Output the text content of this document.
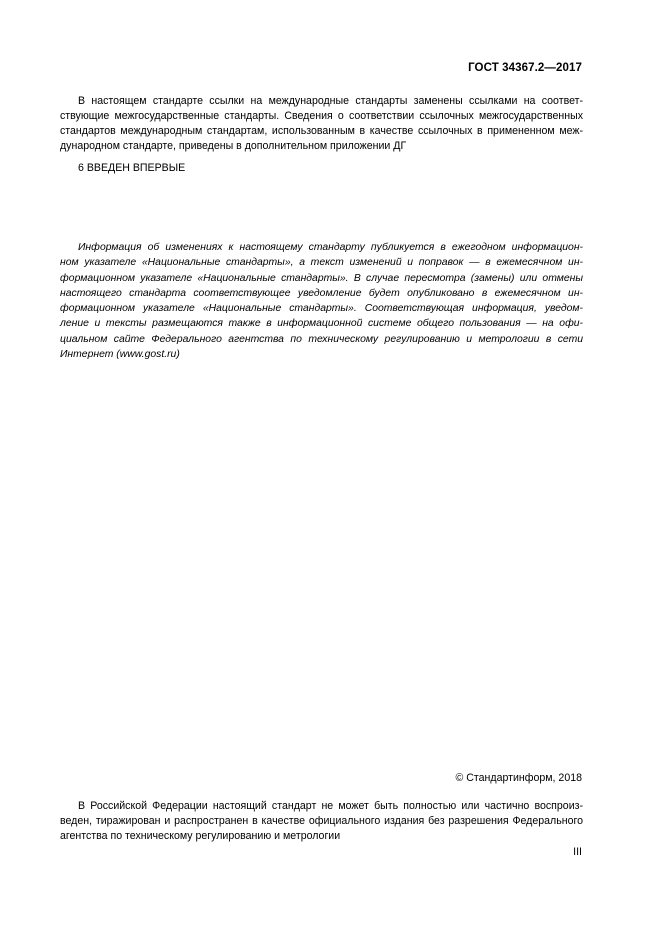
ГОСТ 34367.2—2017
В настоящем стандарте ссылки на международные стандарты заменены ссылками на соответ-
ствующие межгосударственные стандарты. Сведения о соответствии ссылочных межгосударственных
стандартов международным стандартам, использованным в качестве ссылочных в примененном меж-
дународном стандарте, приведены в дополнительном приложении ДГ
6 ВВЕДЕН ВПЕРВЫЕ
Информация об изменениях к настоящему стандарту публикуется в ежегодном информацион-
ном указателе «Национальные стандарты», а текст изменений и поправок — в ежемесячном ин-
формационном указателе «Национальные стандарты». В случае пересмотра (замены) или отмены
настоящего стандарта соответствующее уведомление будет опубликовано в ежемесячном ин-
формационном указателе «Национальные стандарты». Соответствующая информация, уведом-
ление и тексты размещаются также в информационной системе общего пользования — на офи-
циальном сайте Федерального агентства по техническому регулированию и метрологии в сети
Интернет (www.gost.ru)
© Стандартинформ, 2018
В Российской Федерации настоящий стандарт не может быть полностью или частично воспроиз-
веден, тиражирован и распространен в качестве официального издания без разрешения Федерального
агентства по техническому регулированию и метрологии
III
